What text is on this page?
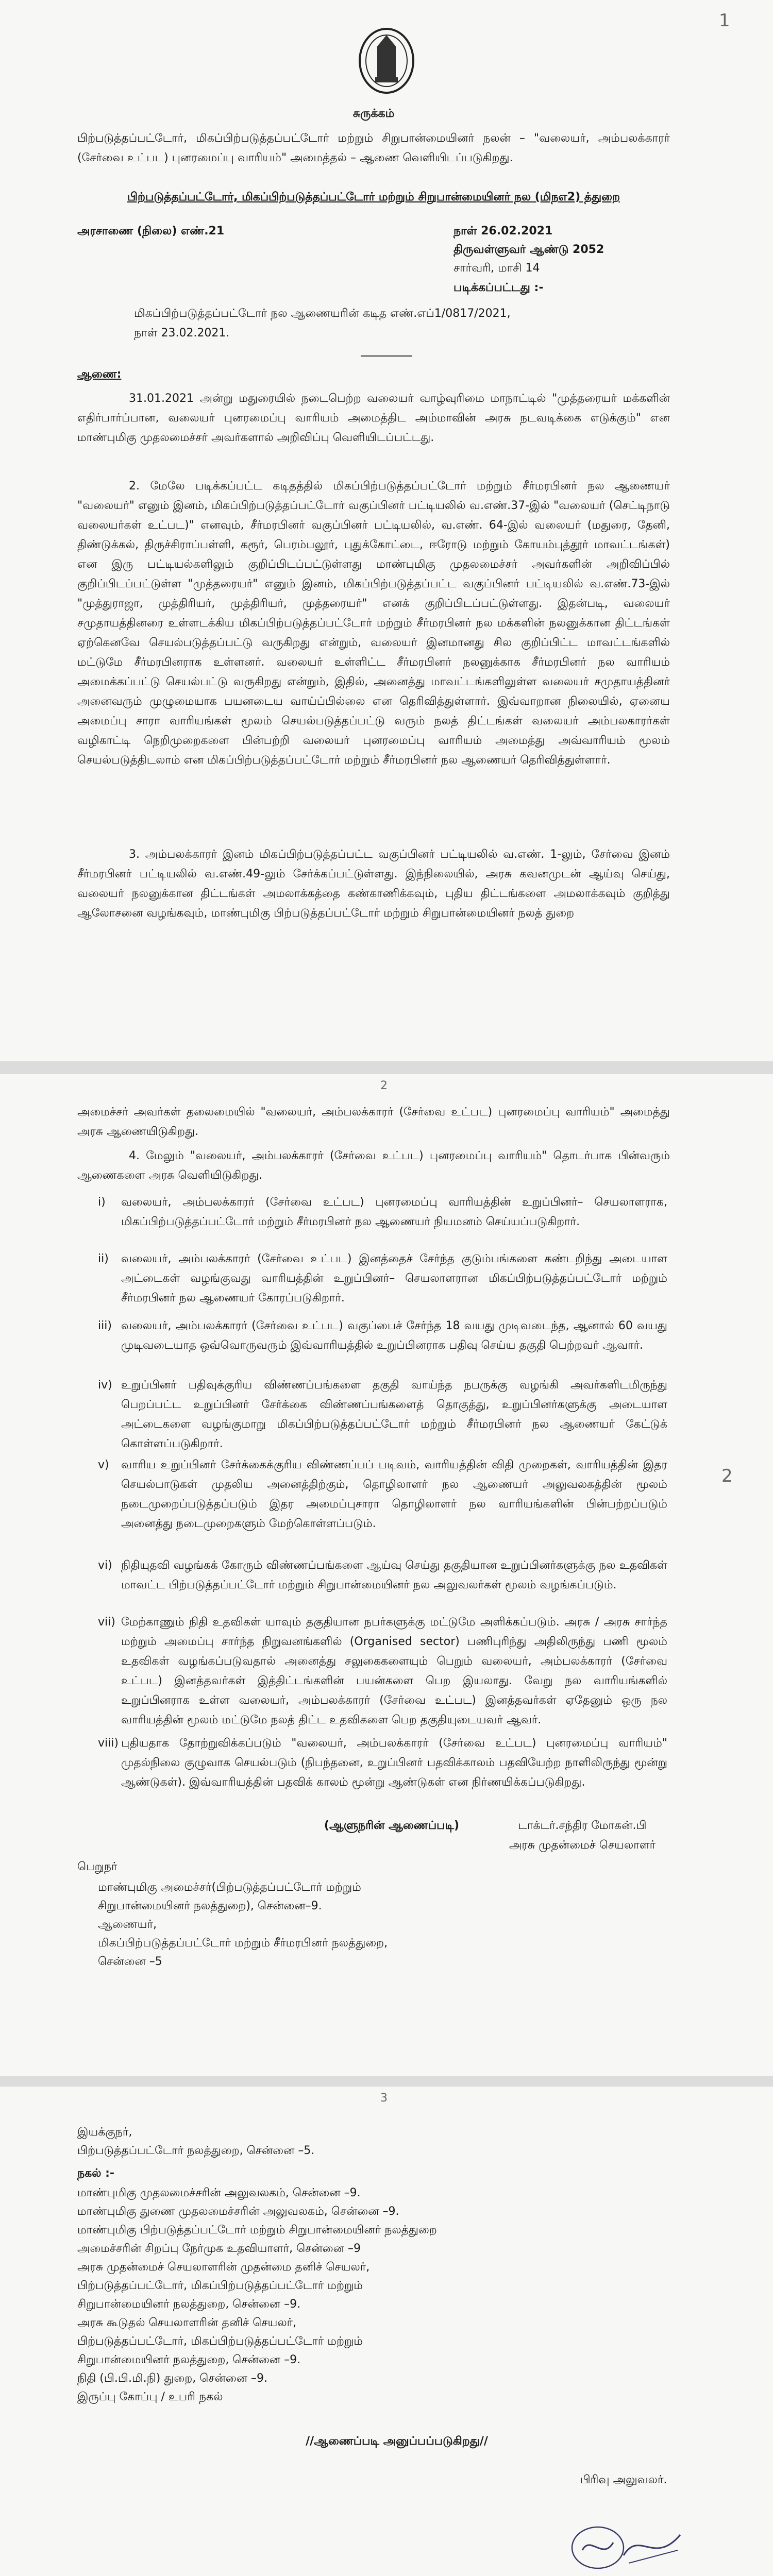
1
சுருக்கம்
பிற்படுத்தப்பட்டோர், மிகப்பிற்படுத்தப்பட்டோர் மற்றும் சிறுபான்மையினர் நலன் – "வலையர், அம்பலக்காரர் (சேர்வை உட்பட) புனரமைப்பு வாரியம்" அமைத்தல் – ஆணை வெளியிடப்படுகிறது.
பிற்படுத்தப்பட்டோர், மிகப்பிற்படுத்தப்பட்டோர் மற்றும் சிறுபான்மையினர் நல (மிநஎ2) த்துறை
அரசாணை (நிலை) எண்.21	நாள் 26.02.2021
திருவள்ளுவர் ஆண்டு 2052
சார்வரி, மாசி 14
படிக்கப்பட்டது :-
மிகப்பிற்படுத்தப்பட்டோர் நல ஆணையரின் கடித எண்.எப்1/0817/2021,
நாள் 23.02.2021.
ஆணை:
31.01.2021 அன்று மதுரையில் நடைபெற்ற வலையர் வாழ்வுரிமை மாநாட்டில் "முத்தரையர் மக்களின் எதிர்பார்ப்பான, வலையர் புனரமைப்பு வாரியம் அமைத்திட அம்மாவின் அரசு நடவடிக்கை எடுக்கும்" என மாண்புமிகு முதலமைச்சர் அவர்களால் அறிவிப்பு வெளியிடப்பட்டது.
2. மேலே படிக்கப்பட்ட கடிதத்தில் மிகப்பிற்படுத்தப்பட்டோர் மற்றும் சீர்மரபினர் நல ஆணையர் "வலையர்" எனும் இனம், மிகப்பிற்படுத்தப்பட்டோர் வகுப்பினர் பட்டியலில் வ.எண்.37-இல் "வலையர் (செட்டிநாடு வலையர்கள் உட்பட)" எனவும், சீர்மரபினர் வகுப்பினர் பட்டியலில், வ.எண். 64-இல் வலையர் (மதுரை, தேனி, திண்டுக்கல், திருச்சிராப்பள்ளி, கரூர், பெரம்பலூர், புதுக்கோட்டை, ஈரோடு மற்றும் கோயம்புத்தூர் மாவட்டங்கள்) என இரு பட்டியல்களிலும் குறிப்பிடப்பட்டுள்ளது மாண்புமிகு முதலமைச்சர் அவர்களின் அறிவிப்பில் குறிப்பிடப்பட்டுள்ள "முத்தரையர்" எனும் இனம், மிகப்பிற்படுத்தப்பட்ட வகுப்பினர் பட்டியலில் வ.எண்.73-இல் "முத்துராஜா, முத்திரியர், முத்திரியர், முத்தரையர்" எனக் குறிப்பிடப்பட்டுள்ளது. இதன்படி, வலையர் சமுதாயத்தினரை உள்ளடக்கிய மிகப்பிற்படுத்தப்பட்டோர் மற்றும் சீர்மரபினர் நல மக்களின் நலனுக்கான திட்டங்கள் ஏற்கெனவே செயல்படுத்தப்பட்டு வருகிறது என்றும், வலையர் இனமானது சில குறிப்பிட்ட மாவட்டங்களில் மட்டுமே சீர்மரபினராக உள்ளனர். வலையர் உள்ளிட்ட சீர்மரபினர் நலனுக்காக சீர்மரபினர் நல வாரியம் அமைக்கப்பட்டு செயல்பட்டு வருகிறது என்றும், இதில், அனைத்து மாவட்டங்களிலுள்ள வலையர் சமுதாயத்தினர் அனைவரும் முழுமையாக பயனடைய வாய்ப்பில்லை என தெரிவித்துள்ளார். இவ்வாறான நிலையில், ஏனைய அமைப்பு சாரா வாரியங்கள் மூலம் செயல்படுத்தப்பட்டு வரும் நலத் திட்டங்கள் வலையர் அம்பலகாரர்கள் வழிகாட்டி நெறிமுறைகளை பின்பற்றி வலையர் புனரமைப்பு வாரியம் அமைத்து அவ்வாரியம் மூலம் செயல்படுத்திடலாம் என மிகப்பிற்படுத்தப்பட்டோர் மற்றும் சீர்மரபினர் நல ஆணையர் தெரிவித்துள்ளார்.
3. அம்பலக்காரர் இனம் மிகப்பிற்படுத்தப்பட்ட வகுப்பினர் பட்டியலில் வ.எண். 1-லும், சேர்வை இனம் சீர்மரபினர் பட்டியலில் வ.எண்.49-லும் சேர்க்கப்பட்டுள்ளது. இந்நிலையில், அரசு கவனமுடன் ஆய்வு செய்து, வலையர் நலனுக்கான திட்டங்கள் அமலாக்கத்தை கண்காணிக்கவும், புதிய திட்டங்களை அமலாக்கவும் குறித்து ஆலோசனை வழங்கவும், மாண்புமிகு பிற்படுத்தப்பட்டோர் மற்றும் சிறுபான்மையினர் நலத் துறை
2
2
அமைச்சர் அவர்கள் தலைமையில் "வலையர், அம்பலக்காரர் (சேர்வை உட்பட) புனரமைப்பு வாரியம்" அமைத்து அரசு ஆணையிடுகிறது.
4. மேலும் "வலையர், அம்பலக்காரர் (சேர்வை உட்பட) புனரமைப்பு வாரியம்" தொடர்பாக பின்வரும் ஆணைகளை அரசு வெளியிடுகிறது.
i) வலையர், அம்பலக்காரர் (சேர்வை உட்பட) புனரமைப்பு வாரியத்தின் உறுப்பினர்– செயலாளராக, மிகப்பிற்படுத்தப்பட்டோர் மற்றும் சீர்மரபினர் நல ஆணையர் நியமனம் செய்யப்படுகிறார்.
ii) வலையர், அம்பலக்காரர் (சேர்வை உட்பட) இனத்தைச் சேர்ந்த குடும்பங்களை கண்டறிந்து அடையாள அட்டைகள் வழங்குவது வாரியத்தின் உறுப்பினர்– செயலாளரான மிகப்பிற்படுத்தப்பட்டோர் மற்றும் சீர்மரபினர் நல ஆணையர் கோரப்படுகிறார்.
iii) வலையர், அம்பலக்காரர் (சேர்வை உட்பட) வகுப்பைச் சேர்ந்த 18 வயது முடிவடைந்த, ஆனால் 60 வயது முடிவடையாத ஒவ்வொருவரும் இவ்வாரியத்தில் உறுப்பினராக பதிவு செய்ய தகுதி பெற்றவர் ஆவார்.
iv) உறுப்பினர் பதிவுக்குரிய விண்ணப்பங்களை தகுதி வாய்ந்த நபருக்கு வழங்கி அவர்களிடமிருந்து பெறப்பட்ட உறுப்பினர் சேர்க்கை விண்ணப்பங்களைத் தொகுத்து, உறுப்பினர்களுக்கு அடையாள அட்டைகளை வழங்குமாறு மிகப்பிற்படுத்தப்பட்டோர் மற்றும் சீர்மரபினர் நல ஆணையர் கேட்டுக் கொள்ளப்படுகிறார்.
v) வாரிய உறுப்பினர் சேர்க்கைக்குரிய விண்ணப்பப் படிவம், வாரியத்தின் விதி முறைகள், வாரியத்தின் இதர செயல்பாடுகள் முதலிய அனைத்திற்கும், தொழிலாளர் நல ஆணையர் அலுவலகத்தின் மூலம் நடைமுறைப்படுத்தப்படும் இதர அமைப்புசாரா தொழிலாளர் நல வாரியங்களின் பின்பற்றப்படும் அனைத்து நடைமுறைகளும் மேற்கொள்ளப்படும்.
vi) நிதியுதவி வழங்கக் கோரும் விண்ணப்பங்களை ஆய்வு செய்து தகுதியான உறுப்பினர்களுக்கு நல உதவிகள் மாவட்ட பிற்படுத்தப்பட்டோர் மற்றும் சிறுபான்மையினர் நல அலுவலர்கள் மூலம் வழங்கப்படும்.
vii) மேற்காணும் நிதி உதவிகள் யாவும் தகுதியான நபர்களுக்கு மட்டுமே அளிக்கப்படும். அரசு / அரசு சார்ந்த மற்றும் அமைப்பு சார்ந்த நிறுவனங்களில் (Organised sector) பணிபுரிந்து அதிலிருந்து பணி மூலம் உதவிகள் வழங்கப்படுவதால் அனைத்து சலுகைகளையும் பெறும் வலையர், அம்பலக்காரர் (சேர்வை உட்பட) இனத்தவர்கள் இத்திட்டங்களின் பயன்களை பெற இயலாது. வேறு நல வாரியங்களில் உறுப்பினராக உள்ள வலையர், அம்பலக்காரர் (சேர்வை உட்பட) இனத்தவர்கள் ஏதேனும் ஒரு நல வாரியத்தின் மூலம் மட்டுமே நலத் திட்ட உதவிகளை பெற தகுதியுடையவர் ஆவர்.
viii) புதியதாக தோற்றுவிக்கப்படும் "வலையர், அம்பலக்காரர் (சேர்வை உட்பட) புனரமைப்பு வாரியம்" முதல்நிலை குழுவாக செயல்படும் (நிபந்தனை, உறுப்பினர் பதவிக்காலம் பதவியேற்ற நாளிலிருந்து மூன்று ஆண்டுகள்). இவ்வாரியத்தின் பதவிக் காலம் மூன்று ஆண்டுகள் என நிர்ணயிக்கப்படுகிறது.
(ஆளுநரின் ஆணைப்படி)	டாக்டர்.சந்திர மோகன்.பி
அரசு முதன்மைச் செயலாளர்
பெறுநர்
மாண்புமிகு அமைச்சர்(பிற்படுத்தப்பட்டோர் மற்றும்
சிறுபான்மையினர் நலத்துறை), சென்னை–9.
ஆணையர்,
மிகப்பிற்படுத்தப்பட்டோர் மற்றும் சீர்மரபினர் நலத்துறை,
சென்னை –5
3
இயக்குநர்,
பிற்படுத்தப்பட்டோர் நலத்துறை, சென்னை –5.
நகல் :-
மாண்புமிகு முதலமைச்சரின் அலுவலகம், சென்னை –9.
மாண்புமிகு துணை முதலமைச்சரின் அலுவலகம், சென்னை –9.
மாண்புமிகு பிற்படுத்தப்பட்டோர் மற்றும் சிறுபான்மையினர் நலத்துறை
அமைச்சரின் சிறப்பு நேர்முக உதவியாளர், சென்னை –9
அரசு முதன்மைச் செயலாளரின் முதன்மை தனிச் செயலர்,
பிற்படுத்தப்பட்டோர், மிகப்பிற்படுத்தப்பட்டோர் மற்றும்
சிறுபான்மையினர் நலத்துறை, சென்னை –9.
அரசு கூடுதல் செயலாளரின் தனிச் செயலர்,
பிற்படுத்தப்பட்டோர், மிகப்பிற்படுத்தப்பட்டோர் மற்றும்
சிறுபான்மையினர் நலத்துறை, சென்னை –9.
நிதி (பி.பி.மி.நி) துறை, சென்னை –9.
இருப்பு கோப்பு / உபரி நகல்
//ஆணைப்படி அனுப்பப்படுகிறது//
பிரிவு அலுவலர்.
